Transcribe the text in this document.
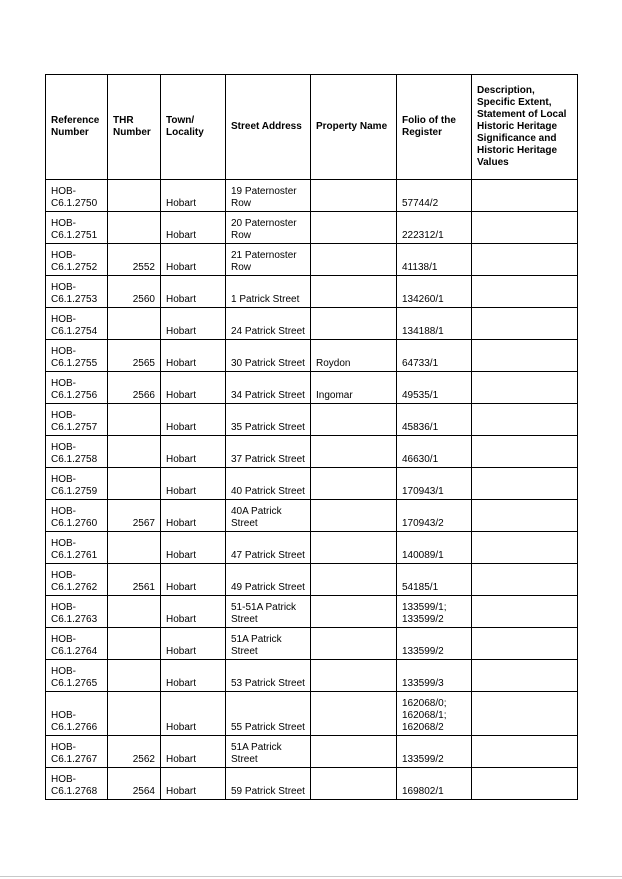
Reference Number	THR Number	Town/ Locality	Street Address	Property Name	Folio of the Register	Description, Specific Extent, Statement of Local Historic Heritage Significance and Historic Heritage Values
HOB-C6.1.2750		Hobart	19 Paternoster Row		57744/2	
HOB-C6.1.2751		Hobart	20 Paternoster Row		222312/1	
HOB-C6.1.2752	2552	Hobart	21 Paternoster Row		41138/1	
HOB-C6.1.2753	2560	Hobart	1 Patrick Street		134260/1	
HOB-C6.1.2754		Hobart	24 Patrick Street		134188/1	
HOB-C6.1.2755	2565	Hobart	30 Patrick Street	Roydon	64733/1	
HOB-C6.1.2756	2566	Hobart	34 Patrick Street	Ingomar	49535/1	
HOB-C6.1.2757		Hobart	35 Patrick Street		45836/1	
HOB-C6.1.2758		Hobart	37 Patrick Street		46630/1	
HOB-C6.1.2759		Hobart	40 Patrick Street		170943/1	
HOB-C6.1.2760	2567	Hobart	40A Patrick Street		170943/2	
HOB-C6.1.2761		Hobart	47 Patrick Street		140089/1	
HOB-C6.1.2762	2561	Hobart	49 Patrick Street		54185/1	
HOB-C6.1.2763		Hobart	51-51A Patrick Street		133599/1; 133599/2	
HOB-C6.1.2764		Hobart	51A Patrick Street		133599/2	
HOB-C6.1.2765		Hobart	53 Patrick Street		133599/3	
HOB-C6.1.2766		Hobart	55 Patrick Street		162068/0; 162068/1; 162068/2	
HOB-C6.1.2767	2562	Hobart	51A Patrick Street		133599/2	
HOB-C6.1.2768	2564	Hobart	59 Patrick Street		169802/1	
